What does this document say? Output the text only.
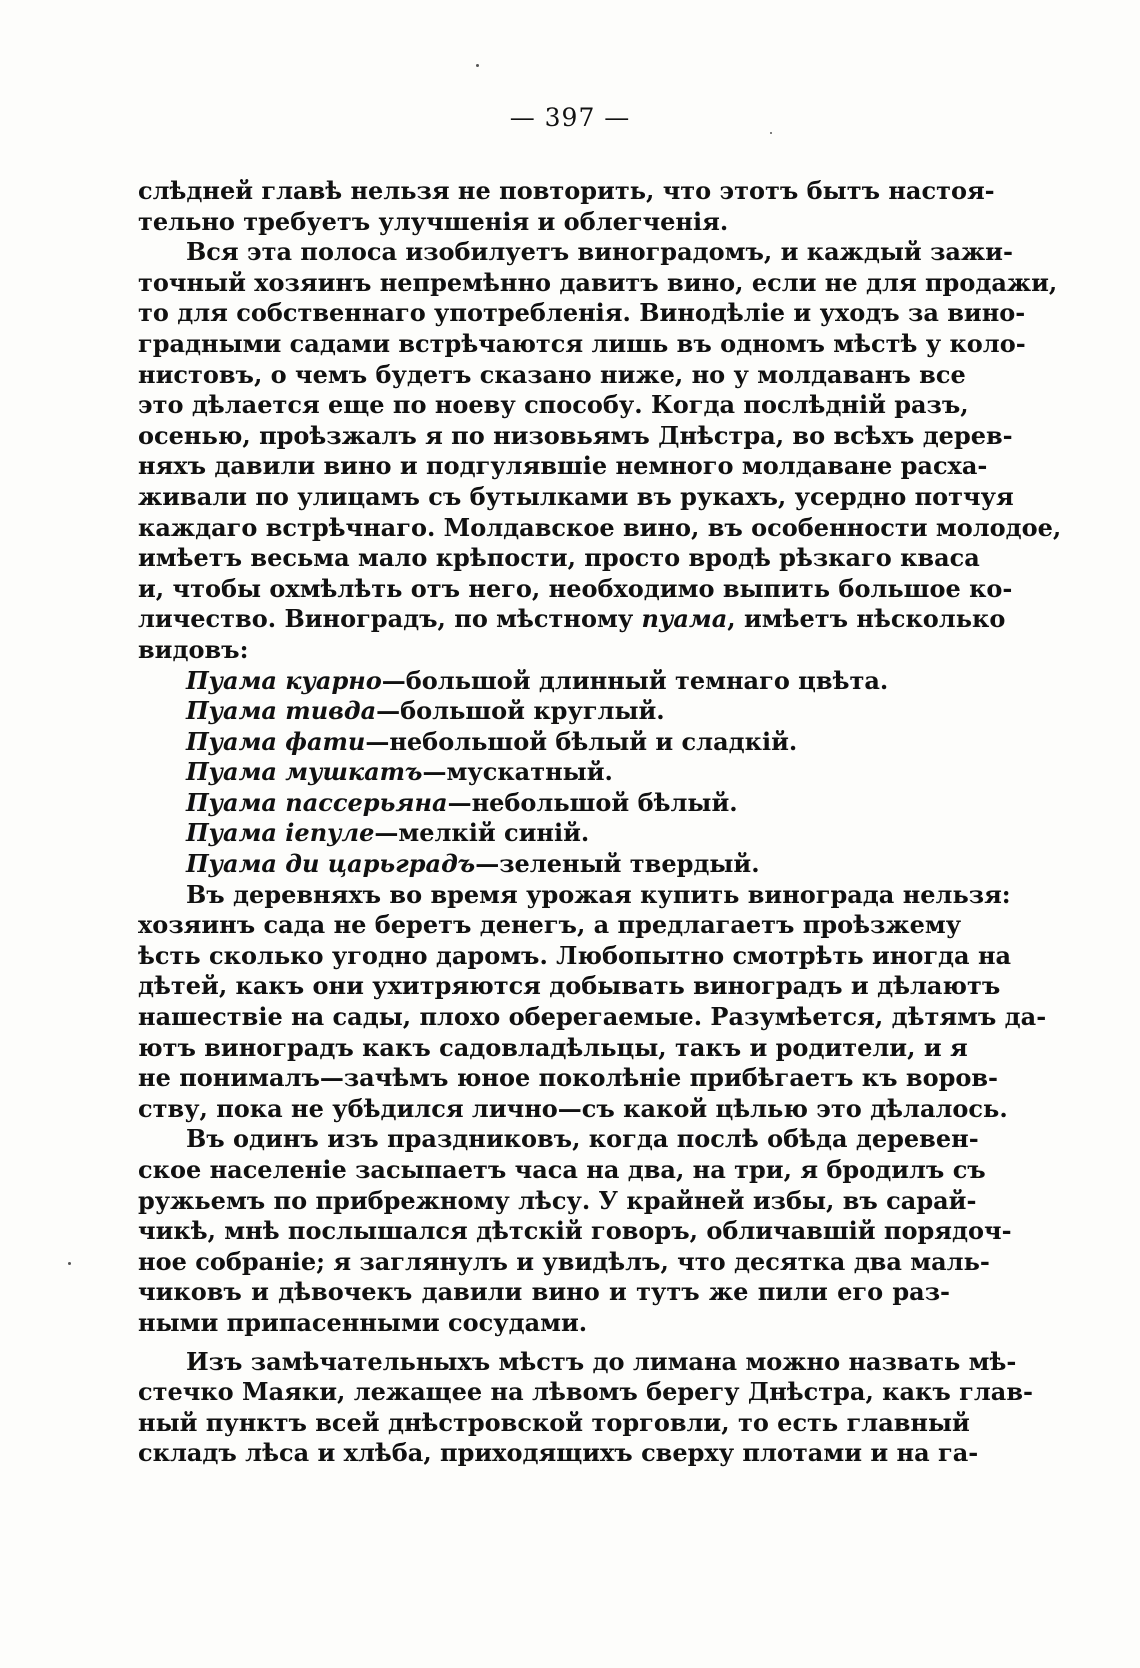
— 397 —
слѣдней главѣ нельзя не повторить, что этотъ бытъ настоя-
тельно требуетъ улучшенія и облегченія.
Вся эта полоса изобилуетъ виноградомъ, и каждый зажи-
точный хозяинъ непремѣнно давитъ вино, если не для продажи,
то для собственнаго употребленія. Винодѣліе и уходъ за вино-
градными садами встрѣчаются лишь въ одномъ мѣстѣ у коло-
нистовъ, о чемъ будетъ сказано ниже, но у молдаванъ все
это дѣлается еще по ноеву способу. Когда послѣдній разъ,
осенью, проѣзжалъ я по низовьямъ Днѣстра, во всѣхъ дерев-
няхъ давили вино и подгулявшіе немного молдаване расха-
живали по улицамъ съ бутылками въ рукахъ, усердно потчуя
каждаго встрѣчнаго. Молдавское вино, въ особенности молодое,
имѣетъ весьма мало крѣпости, просто вродѣ рѣзкаго кваса
и, чтобы охмѣлѣть отъ него, необходимо выпить большое ко-
личество. Виноградъ, по мѣстному пуама, имѣетъ нѣсколько
видовъ:
Пуама куарно—большой длинный темнаго цвѣта.
Пуама тивда—большой круглый.
Пуама фати—небольшой бѣлый и сладкій.
Пуама мушкатъ—мускатный.
Пуама пассерьяна—небольшой бѣлый.
Пуама іепуле—мелкій синій.
Пуама ди царьградъ—зеленый твердый.
Въ деревняхъ во время урожая купить винограда нельзя:
хозяинъ сада не беретъ денегъ, а предлагаетъ проѣзжему
ѣсть сколько угодно даромъ. Любопытно смотрѣть иногда на
дѣтей, какъ они ухитряются добывать виноградъ и дѣлаютъ
нашествіе на сады, плохо оберегаемые. Разумѣется, дѣтямъ да-
ютъ виноградъ какъ садовладѣльцы, такъ и родители, и я
не понималъ—зачѣмъ юное поколѣніе прибѣгаетъ къ воров-
ству, пока не убѣдился лично—съ какой цѣлью это дѣлалось.
Въ одинъ изъ праздниковъ, когда послѣ обѣда деревен-
ское населеніе засыпаетъ часа на два, на три, я бродилъ съ
ружьемъ по прибрежному лѣсу. У крайней избы, въ сарай-
чикѣ, мнѣ послышался дѣтскій говоръ, обличавшій порядоч-
ное собраніе; я заглянулъ и увидѣлъ, что десятка два маль-
чиковъ и дѣвочекъ давили вино и тутъ же пили его раз-
ными припасенными сосудами.
Изъ замѣчательныхъ мѣстъ до лимана можно назвать мѣ-
стечко Маяки, лежащее на лѣвомъ берегу Днѣстра, какъ глав-
ный пунктъ всей днѣстровской торговли, то есть главный
складъ лѣса и хлѣба, приходящихъ сверху плотами и на га-
